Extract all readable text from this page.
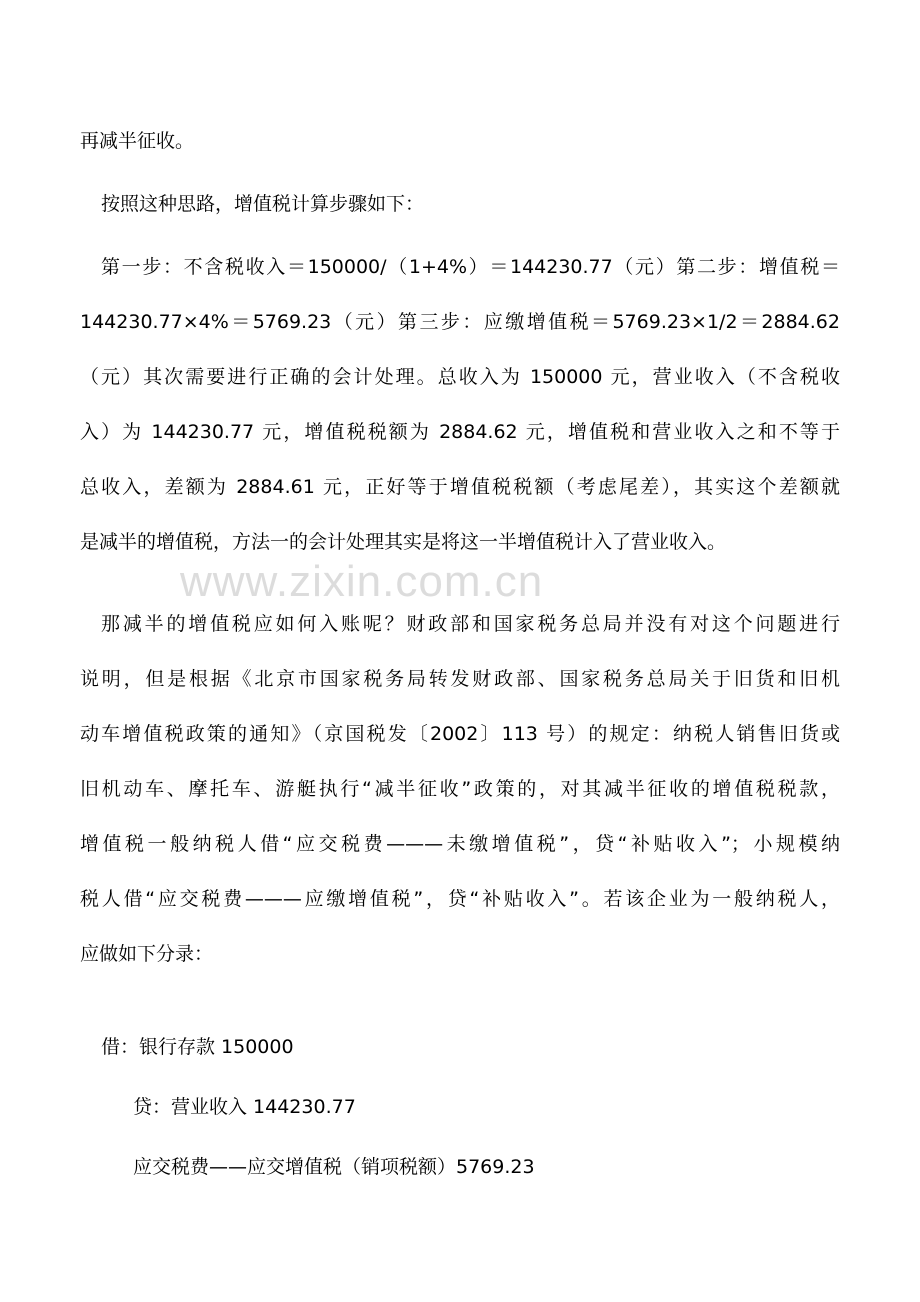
www.zixin.com.cn
再减半征收。
按照这种思路，增值税计算步骤如下：
第一步：不含税收入＝150000/（1+4%）＝144230.77（元）第二步：增值税＝
144230.77×4%＝5769.23（元）第三步：应缴增值税＝5769.23×1/2＝2884.62
（元）其次需要进行正确的会计处理。总收入为 150000 元，营业收入（不含税收
入）为 144230.77 元，增值税税额为 2884.62 元，增值税和营业收入之和不等于
总收入，差额为 2884.61 元，正好等于增值税税额（考虑尾差），其实这个差额就
是减半的增值税，方法一的会计处理其实是将这一半增值税计入了营业收入。
那减半的增值税应如何入账呢？财政部和国家税务总局并没有对这个问题进行
说明，但是根据《北京市国家税务局转发财政部、国家税务总局关于旧货和旧机
动车增值税政策的通知》（京国税发〔2002〕113 号）的规定：纳税人销售旧货或
旧机动车、摩托车、游艇执行“减半征收”政策的，对其减半征收的增值税税款，
增值税一般纳税人借“应交税费———未缴增值税”，贷“补贴收入”；小规模纳
税人借“应交税费———应缴增值税”，贷“补贴收入”。若该企业为一般纳税人，
应做如下分录：
借：银行存款 150000
贷：营业收入 144230.77
应交税费——应交增值税（销项税额）5769.23
